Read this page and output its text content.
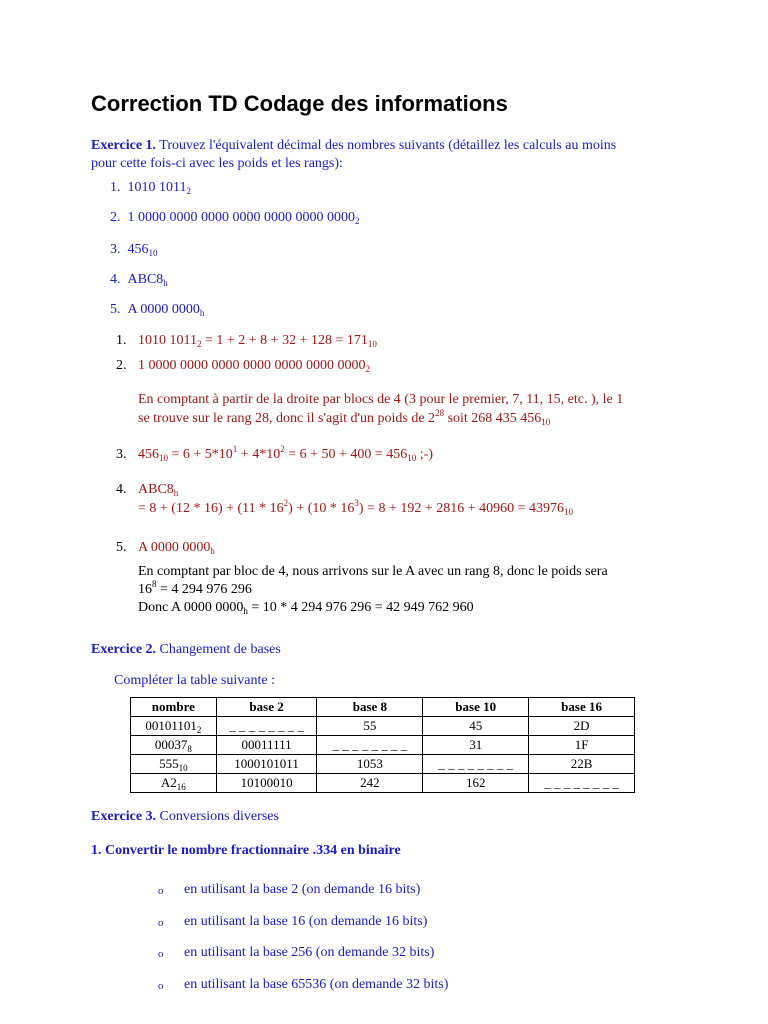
Correction TD Codage des informations
Exercice 1. Trouvez l'équivalent décimal des nombres suivants (détaillez les calculs au moins
pour cette fois-ci avec les poids et les rangs):
1. 1010 $1011_2$
2. 1 0000 0000 0000 0000 0000 0000 $0000_2$
3. $456_{10}$
4. $ABC8_h$
5. A 0000 $0000_h$
1. 1010 $1011_2 = 1 + 2 + 8 + 32 + 128 = 171_{10}$
2. 1 0000 0000 0000 0000 0000 0000 $0000_2$
En comptant à partir de la droite par blocs de 4 (3 pour le premier, 7, 11, 15, etc. ), le 1
se trouve sur le rang 28, donc il s'agit d'un poids de $2^{28}$ soit 268 435 $456_{10}$
3. $456_{10} = 6 + 5*10^1 + 4*10^2 = 6 + 50 + 400 = 456_{10}$ ;-)
4. $ABC8_h$
= $8 + (12 * 16) + (11 * 16^2) + (10 * 16^3) = 8 + 192 + 2816 + 40960 = 43976_{10}$
5. A 0000 $0000_h$
En comptant par bloc de 4, nous arrivons sur le A avec un rang 8, donc le poids sera
$16^8 = 4$ 294 976 296
Donc A 0000 $0000_h = 10 * 4$ 294 976 296 = 42 949 762 960
Exercice 2. Changement de bases
Compléter la table suivante :
nombre	base 2	base 8	base 10	base 16
$00101101_2$	_ _ _ _ _ _ _ _	55	45	2D
$00037_8$	00011111	_ _ _ _ _ _ _ _	31	1F
$555_{10}$	1000101011	1053	_ _ _ _ _ _ _ _	22B
$A2_{16}$	10100010	242	162	_ _ _ _ _ _ _ _
Exercice 3. Conversions diverses
1. Convertir le nombre fractionnaire .334 en binaire
o	en utilisant la base 2 (on demande 16 bits)
o	en utilisant la base 16 (on demande 16 bits)
o	en utilisant la base 256 (on demande 32 bits)
o	en utilisant la base 65536 (on demande 32 bits)
